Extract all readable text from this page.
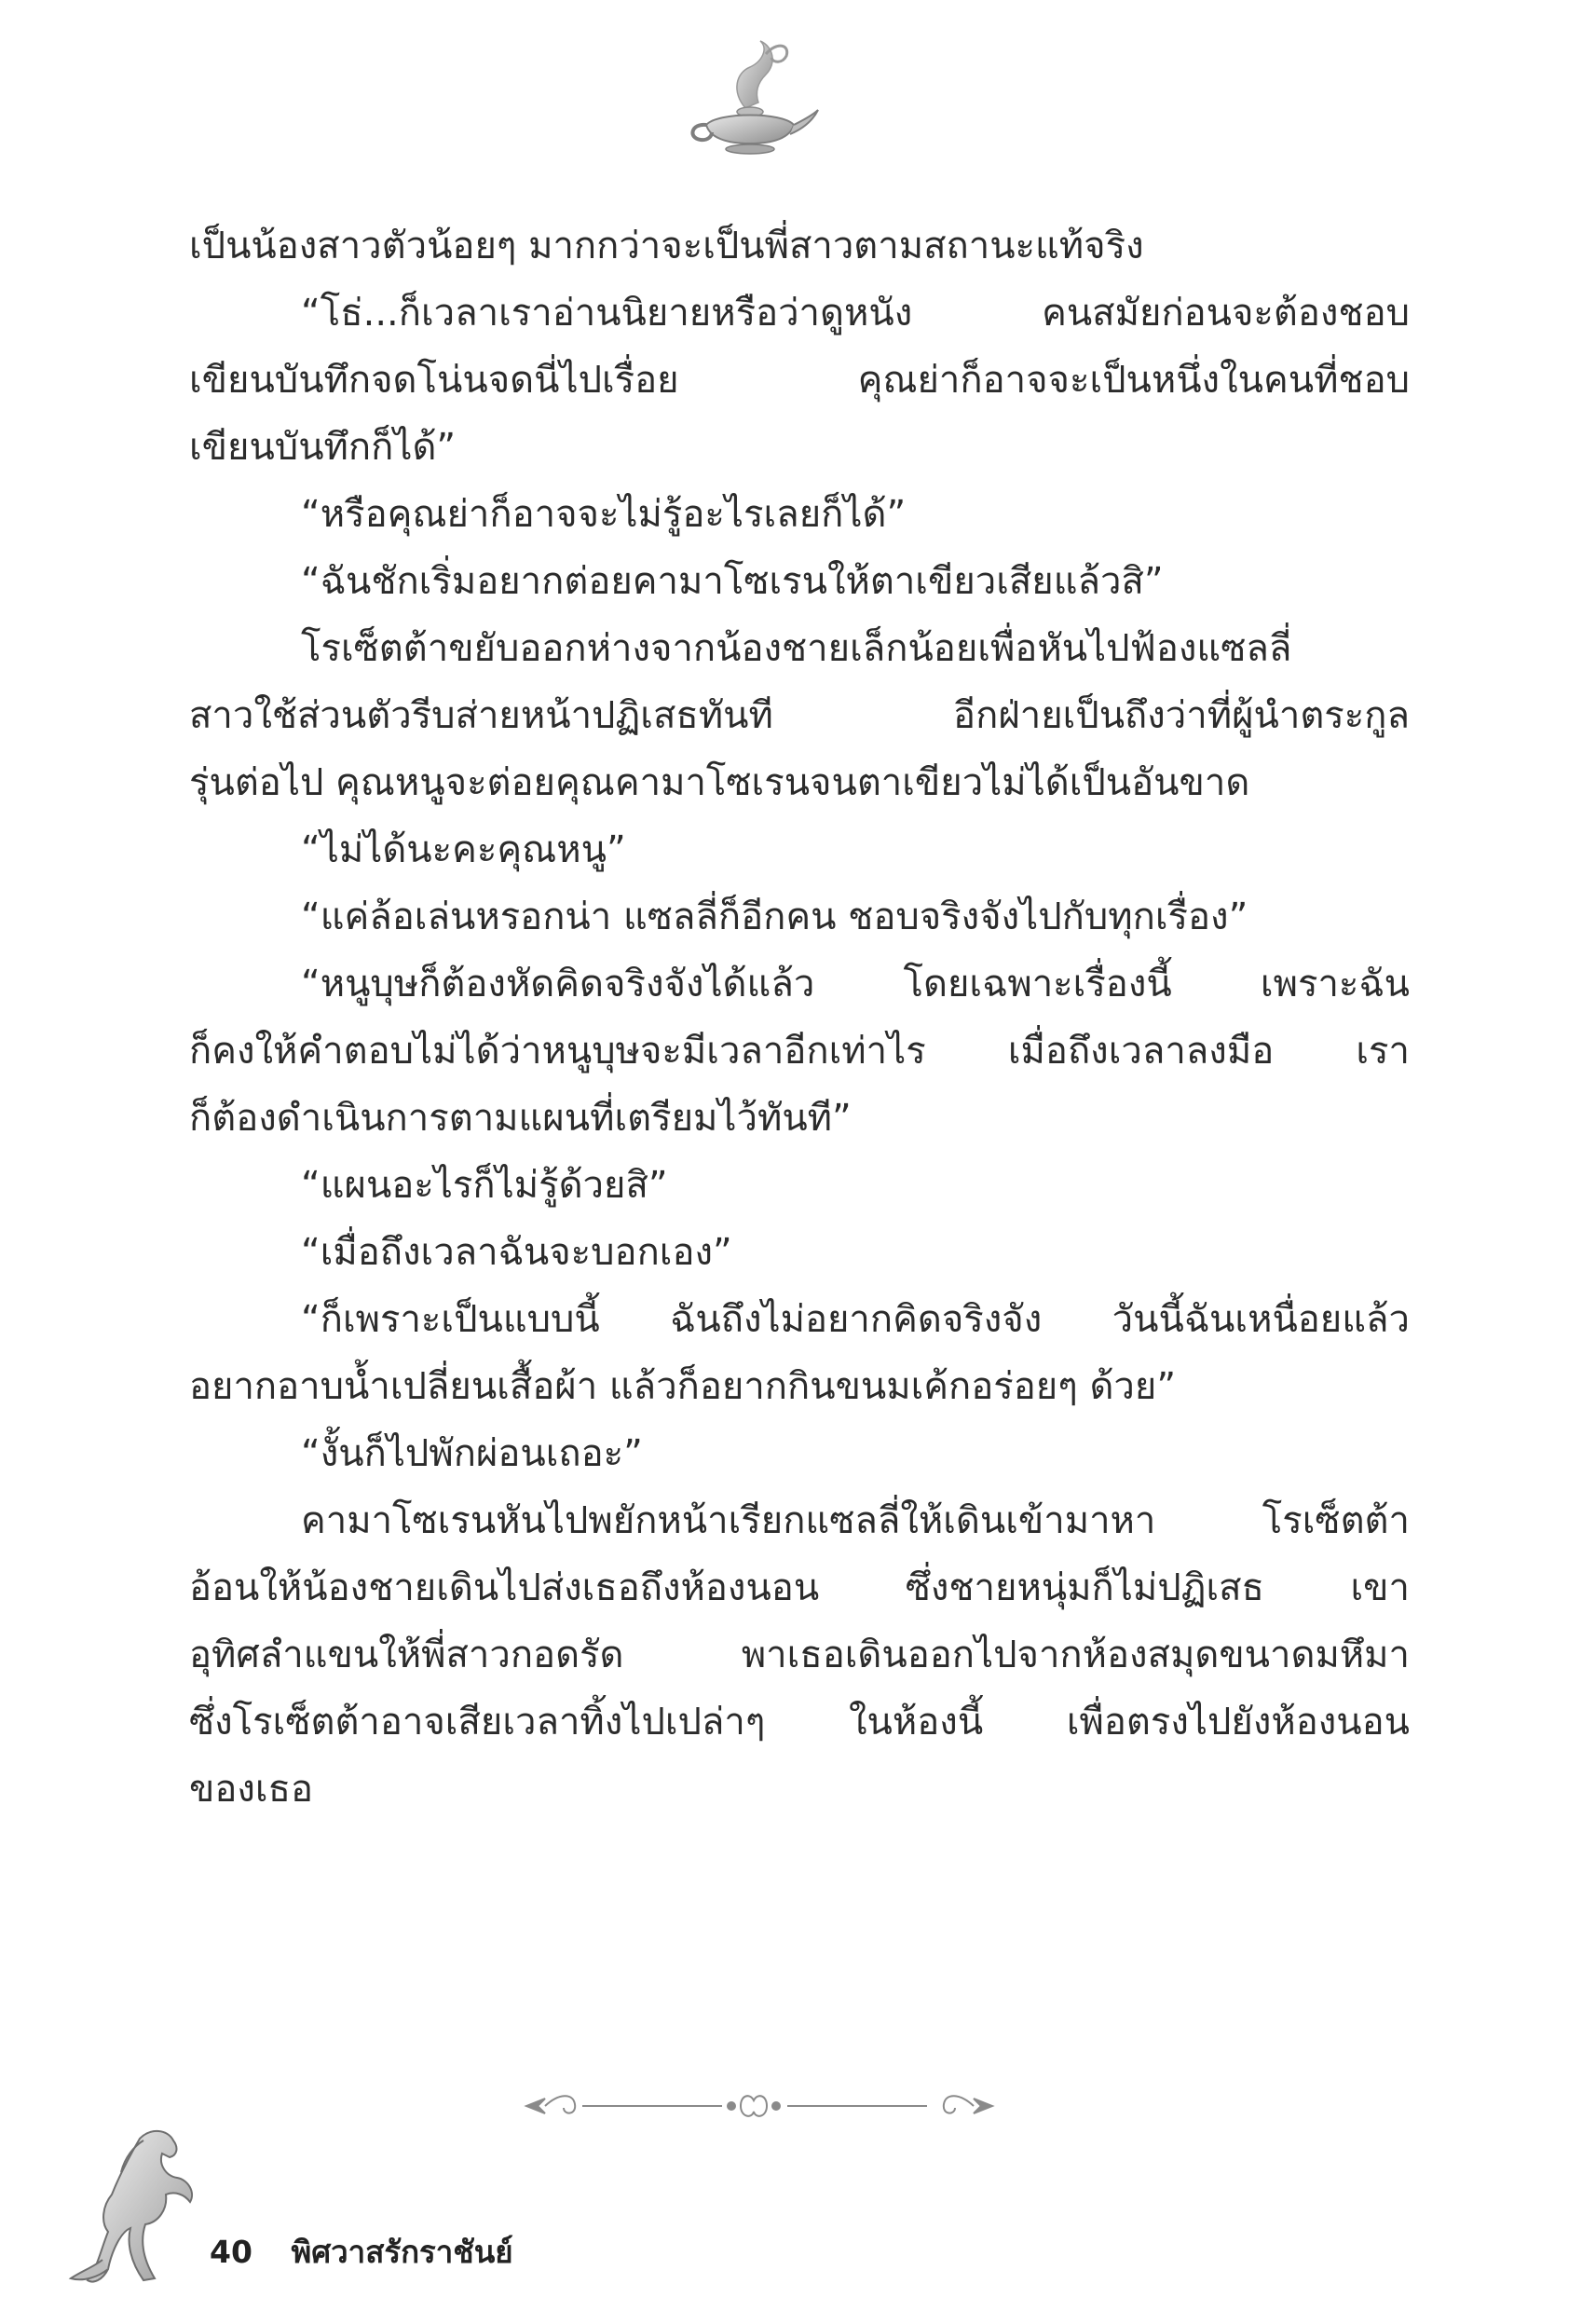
เป็นน้องสาวตัวน้อยๆ มากกว่าจะเป็นพี่สาวตามสถานะแท้จริง
“โธ่...ก็เวลาเราอ่านนิยายหรือว่าดูหนัง คนสมัยก่อนจะต้องชอบ
เขียนบันทึกจดโน่นจดนี่ไปเรื่อย คุณย่าก็อาจจะเป็นหนึ่งในคนที่ชอบ
เขียนบันทึกก็ได้”
“หรือคุณย่าก็อาจจะไม่รู้อะไรเลยก็ได้”
“ฉันชักเริ่มอยากต่อยคามาโซเรนให้ตาเขียวเสียแล้วสิ”
โรเซ็ตต้าขยับออกห่างจากน้องชายเล็กน้อยเพื่อหันไปฟ้องแซลลี่
สาวใช้ส่วนตัวรีบส่ายหน้าปฏิเสธทันที อีกฝ่ายเป็นถึงว่าที่ผู้นำตระกูล
รุ่นต่อไป คุณหนูจะต่อยคุณคามาโซเรนจนตาเขียวไม่ได้เป็นอันขาด
“ไม่ได้นะคะคุณหนู”
“แค่ล้อเล่นหรอกน่า แซลลี่ก็อีกคน ชอบจริงจังไปกับทุกเรื่อง”
“หนูบุษก็ต้องหัดคิดจริงจังได้แล้ว โดยเฉพาะเรื่องนี้ เพราะฉัน
ก็คงให้คำตอบไม่ได้ว่าหนูบุษจะมีเวลาอีกเท่าไร เมื่อถึงเวลาลงมือ เรา
ก็ต้องดำเนินการตามแผนที่เตรียมไว้ทันที”
“แผนอะไรก็ไม่รู้ด้วยสิ”
“เมื่อถึงเวลาฉันจะบอกเอง”
“ก็เพราะเป็นแบบนี้ ฉันถึงไม่อยากคิดจริงจัง วันนี้ฉันเหนื่อยแล้ว
อยากอาบน้ำเปลี่ยนเสื้อผ้า แล้วก็อยากกินขนมเค้กอร่อยๆ ด้วย”
“งั้นก็ไปพักผ่อนเถอะ”
คามาโซเรนหันไปพยักหน้าเรียกแซลลี่ให้เดินเข้ามาหา โรเซ็ตต้า
อ้อนให้น้องชายเดินไปส่งเธอถึงห้องนอน ซึ่งชายหนุ่มก็ไม่ปฏิเสธ เขา
อุทิศลำแขนให้พี่สาวกอดรัด พาเธอเดินออกไปจากห้องสมุดขนาดมหึมา
ซึ่งโรเซ็ตต้าอาจเสียเวลาทิ้งไปเปล่าๆ ในห้องนี้ เพื่อตรงไปยังห้องนอน
ของเธอ
40 พิศวาสรักราชันย์
